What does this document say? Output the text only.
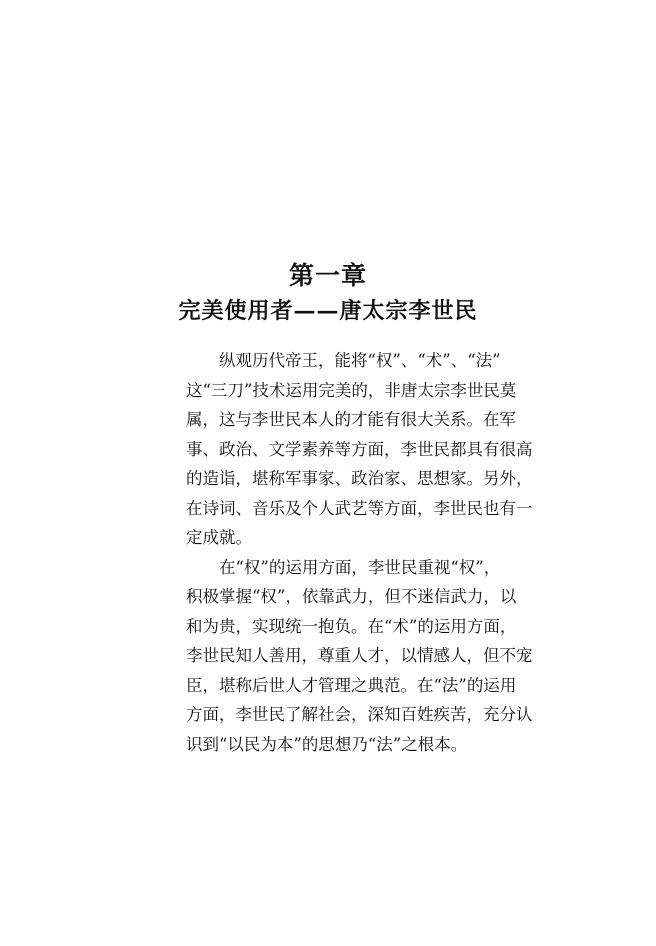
第一章
完美使用者——唐太宗李世民
纵观历代帝王，能将“权”、“术”、“法”
这“三刀”技术运用完美的，非唐太宗李世民莫
属，这与李世民本人的才能有很大关系。在军
事、政治、文学素养等方面，李世民都具有很高
的造诣，堪称军事家、政治家、思想家。另外，
在诗词、音乐及个人武艺等方面，李世民也有一
定成就。
在“权”的运用方面，李世民重视“权”，
积极掌握“权”，依靠武力，但不迷信武力，以
和为贵，实现统一抱负。在“术”的运用方面，
李世民知人善用，尊重人才，以情感人，但不宠
臣，堪称后世人才管理之典范。在“法”的运用
方面，李世民了解社会，深知百姓疾苦，充分认
识到“以民为本”的思想乃“法”之根本。
